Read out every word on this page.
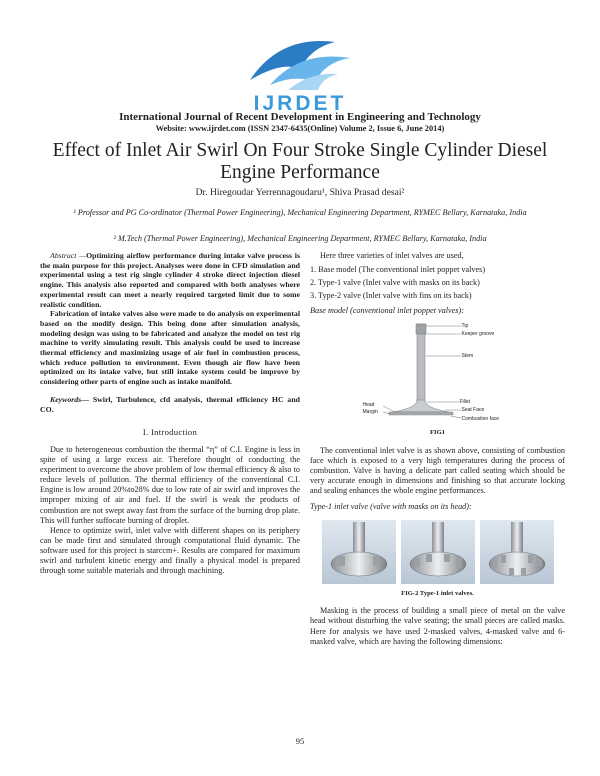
IJRDET
International Journal of Recent Development in Engineering and Technology
Website: www.ijrdet.com (ISSN 2347-6435(Online) Volume 2, Issue 6, June 2014)
Effect of Inlet Air Swirl On Four Stroke Single Cylinder Diesel Engine Performance
Dr. Hiregoudar Yerrennagoudaru¹, Shiva Prasad desai²
¹ Professor and PG Co-ordinator (Thermal Power Engineering), Mechanical Engineering Department, RYMEC Bellary, Karnataka, India
² M.Tech (Thermal Power Engineering), Mechanical Engineering Department, RYMEC Bellary, Karnataka, India

Abstract —Optimizing airflow performance during intake valve process is the main purpose for this project. Analyses were done in CFD simulation and experimental using a test rig single cylinder 4 stroke direct injection diesel engine. This analysis also reported and compared with both analyses where experimental result can meet a nearly required targeted limit due to some realistic condition.

Fabrication of intake valves also were made to do analysis on experimental based on the modify design. This being done after simulation analysis, modeling design was using to be fabricated and analyze the model on test rig machine to verify simulating result. This analysis could be used to increase thermal efficiency and maximizing usage of air fuel in combustion process, which reduce pollution to environment. Even though air flow have been optimized on its intake valve, but still intake system could be improve by considering other parts of engine such as intake manifold.

Keywords— Swirl, Turbulence, cfd analysis, thermal efficiency HC and CO.

I. Introduction

Due to heterogeneous combustion the thermal “η” of C.I. Engine is less in spite of using a large excess air. Therefore thought of conducting the experiment to overcome the above problem of low thermal efficiency & also to reduce levels of pollution. The thermal efficiency of the conventional C.I. Engine is low around 20%to28% due to low rate of air swirl and improves the improper mixing of air and fuel. If the swirl is weak the products of combustion are not swept away fast from the surface of the burning drop plate. This will further suffocate burning of droplet.

Hence to optimize swirl, inlet valve with different shapes on its periphery can be made first and simulated through computational fluid dynamic. The software used for this project is starccm+. Results are compared for maximum swirl and turbulent kinetic energy and finally a physical model is prepared through some suitable materials and through machining.

Here three varieties of inlet valves are used,

1. Base model (The conventional inlet poppet valves)

2. Type-1 valve (Inlet valve with masks on its back)

3. Type-2 valve (Inlet valve with fins on its back)

Base model (conventional inlet poppet valves):

Tip
Keeper groove
Stem
Head
Margin
Fillet
Seat Face
Combustion face
FIG1

The conventional inlet valve is as shown above, consisting of combustion face which is exposed to a very high temperatures during the process of combustion. Valve is having a delicate part called seating which should be very accurate enough in dimensions and finishing so that accurate locking and sealing enhances the whole engine performances.

Type-1 inlet valve (valve with masks on its head):

FIG-2 Type-1 inlet valves.

Masking is the process of building a small piece of metal on the valve head without disturbing the valve seating; the small pieces are called masks. Here for analysis we have used 2-masked valves, 4-masked valve and 6- masked valve, which are having the following dimensions:

95
